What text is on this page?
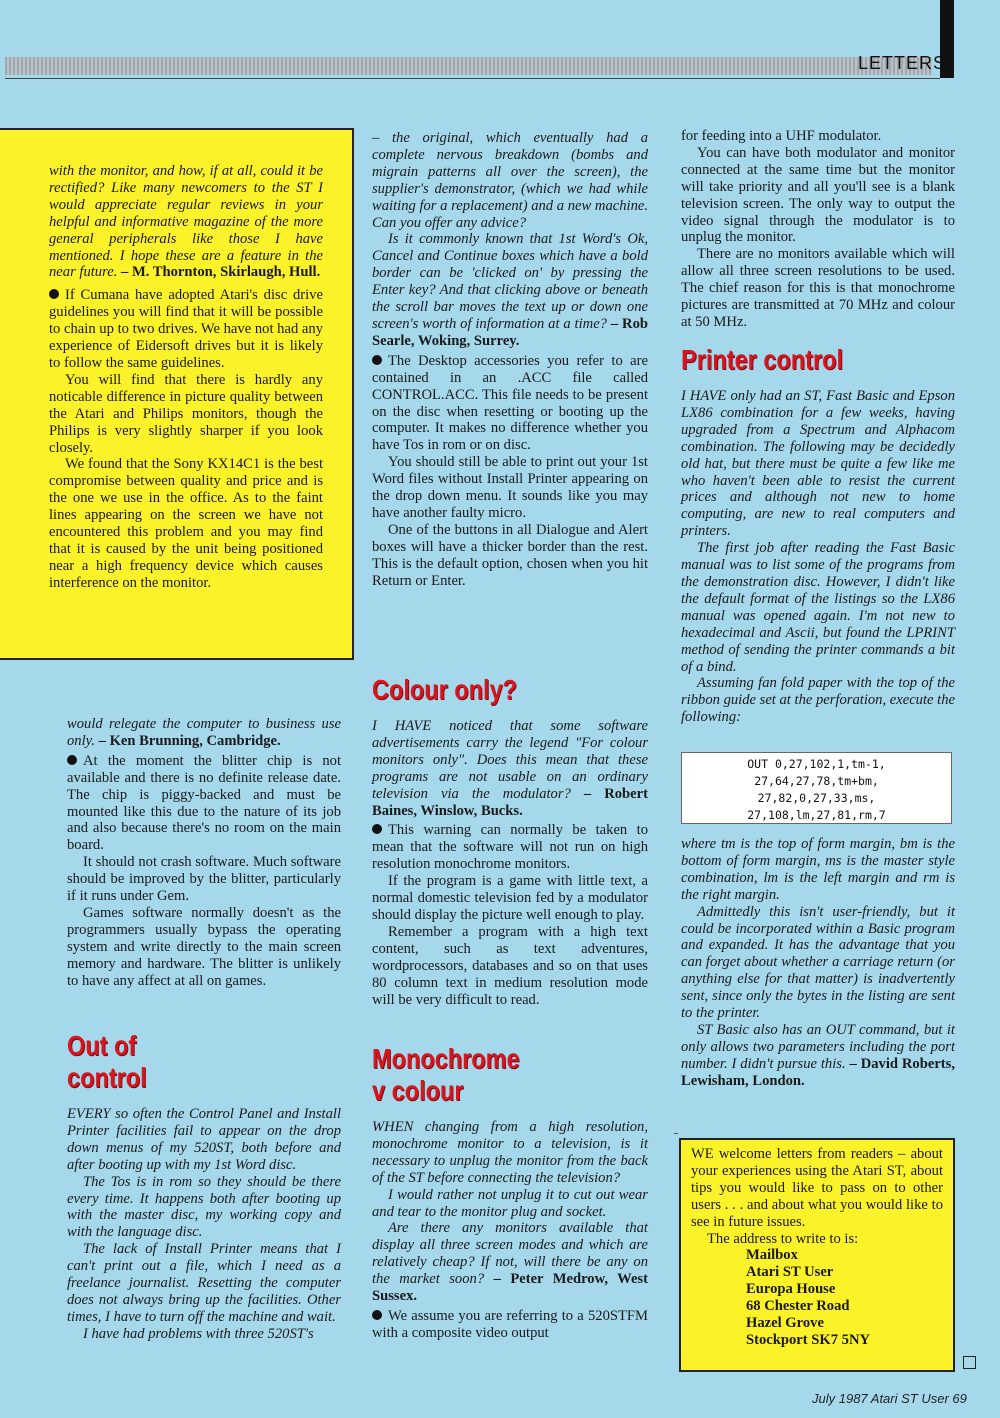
LETTERS

with the monitor, and how, if at all, could it be rectified? Like many newcomers to the ST I would appreciate regular reviews in your helpful and informative magazine of the more general peripherals like those I have mentioned. I hope these are a feature in the near future. – M. Thornton, Skirlaugh, Hull.

If Cumana have adopted Atari's disc drive guidelines you will find that it will be possible to chain up to two drives. We have not had any experience of Eidersoft drives but it is likely to follow the same guidelines.

You will find that there is hardly any noticable difference in picture quality between the Atari and Philips monitors, though the Philips is very slightly sharper if you look closely.

We found that the Sony KX14C1 is the best compromise between quality and price and is the one we use in the office. As to the faint lines appearing on the screen we have not encountered this problem and you may find that it is caused by the unit being positioned near a high frequency device which causes interference on the monitor.

would relegate the computer to business use only. – Ken Brunning, Cambridge.

At the moment the blitter chip is not available and there is no definite release date. The chip is piggy-backed and must be mounted like this due to the nature of its job and also because there's no room on the main board.

It should not crash software. Much software should be improved by the blitter, particularly if it runs under Gem.

Games software normally doesn't as the programmers usually bypass the operating system and write directly to the main screen memory and hardware. The blitter is unlikely to have any affect at all on games.

Out of
control

EVERY so often the Control Panel and Install Printer facilities fail to appear on the drop down menus of my 520ST, both before and after booting up with my 1st Word disc.

The Tos is in rom so they should be there every time. It happens both after booting up with the master disc, my working copy and with the language disc.

The lack of Install Printer means that I can't print out a file, which I need as a freelance journalist. Resetting the computer does not always bring up the facilities. Other times, I have to turn off the machine and wait.

I have had problems with three 520ST's

– the original, which eventually had a complete nervous breakdown (bombs and migrain patterns all over the screen), the supplier's demonstrator, (which we had while waiting for a replacement) and a new machine. Can you offer any advice?

Is it commonly known that 1st Word's Ok, Cancel and Continue boxes which have a bold border can be 'clicked on' by pressing the Enter key? And that clicking above or beneath the scroll bar moves the text up or down one screen's worth of information at a time? – Rob Searle, Woking, Surrey.

The Desktop accessories you refer to are contained in an .ACC file called CONTROL.ACC. This file needs to be present on the disc when resetting or booting up the computer. It makes no difference whether you have Tos in rom or on disc.

You should still be able to print out your 1st Word files without Install Printer appearing on the drop down menu. It sounds like you may have another faulty micro.

One of the buttons in all Dialogue and Alert boxes will have a thicker border than the rest. This is the default option, chosen when you hit Return or Enter.

Colour only?

I HAVE noticed that some software advertisements carry the legend "For colour monitors only". Does this mean that these programs are not usable on an ordinary television via the modulator? – Robert Baines, Winslow, Bucks.

This warning can normally be taken to mean that the software will not run on high resolution monochrome monitors.

If the program is a game with little text, a normal domestic television fed by a modulator should display the picture well enough to play.

Remember a program with a high text content, such as text adventures, wordprocessors, databases and so on that uses 80 column text in medium resolution mode will be very difficult to read.

Monochrome
v colour

WHEN changing from a high resolution, monochrome monitor to a television, is it necessary to unplug the monitor from the back of the ST before connecting the television?

I would rather not unplug it to cut out wear and tear to the monitor plug and socket.

Are there any monitors available that display all three screen modes and which are relatively cheap? If not, will there be any on the market soon? – Peter Medrow, West Sussex.

We assume you are referring to a 520STFM with a composite video output

for feeding into a UHF modulator.

You can have both modulator and monitor connected at the same time but the monitor will take priority and all you'll see is a blank television screen. The only way to output the video signal through the modulator is to unplug the monitor.

There are no monitors available which will allow all three screen resolutions to be used. The chief reason for this is that monochrome pictures are transmitted at 70 MHz and colour at 50 MHz.

Printer control

I HAVE only had an ST, Fast Basic and Epson LX86 combination for a few weeks, having upgraded from a Spectrum and Alphacom combination. The following may be decidedly old hat, but there must be quite a few like me who haven't been able to resist the current prices and although not new to home computing, are new to real computers and printers.

The first job after reading the Fast Basic manual was to list some of the programs from the demonstration disc. However, I didn't like the default format of the listings so the LX86 manual was opened again. I'm not new to hexadecimal and Ascii, but found the LPRINT method of sending the printer commands a bit of a bind.

Assuming fan fold paper with the top of the ribbon guide set at the perforation, execute the following:

OUT 0,27,102,1,tm-1,
27,64,27,78,tm+bm,
27,82,0,27,33,ms,
27,108,lm,27,81,rm,7

where tm is the top of form margin, bm is the bottom of form margin, ms is the master style combination, lm is the left margin and rm is the right margin.

Admittedly this isn't user-friendly, but it could be incorporated within a Basic program and expanded. It has the advantage that you can forget about whether a carriage return (or anything else for that matter) is inadvertently sent, since only the bytes in the listing are sent to the printer.

ST Basic also has an OUT command, but it only allows two parameters including the port number. I didn't pursue this. – David Roberts, Lewisham, London.

WE welcome letters from readers – about your experiences using the Atari ST, about tips you would like to pass on to other users . . . and about what you would like to see in future issues.

The address to write to is:

Mailbox
Atari ST User
Europa House
68 Chester Road
Hazel Grove
Stockport SK7 5NY
July 1987 Atari ST User 69
